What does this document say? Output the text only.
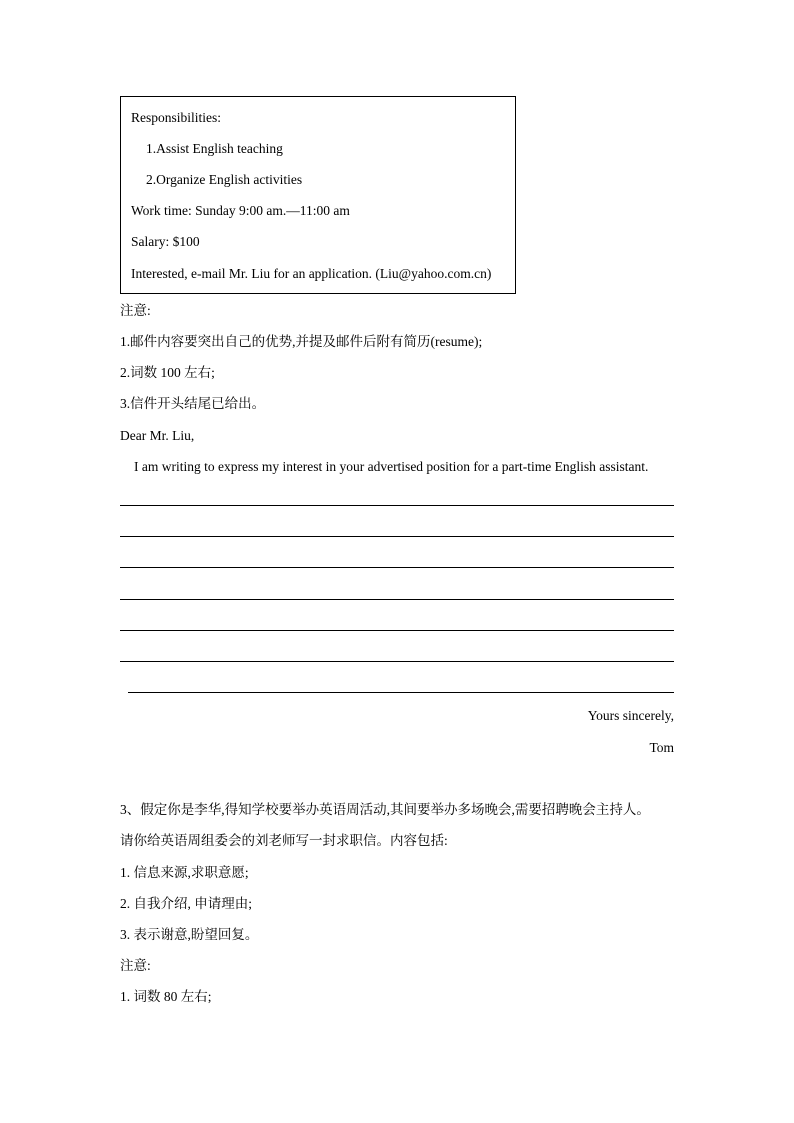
Responsibilities:
1.Assist English teaching
2.Organize English activities
Work time: Sunday 9:00 am.—11:00 am
Salary: $100
Interested, e-mail Mr. Liu for an application. (Liu@yahoo.com.cn)
注意:
1.邮件内容要突出自己的优势,并提及邮件后附有简历(resume);
2.词数 100 左右;
3.信件开头结尾已给出。
Dear Mr. Liu,
I am writing to express my interest in your advertised position for a part-time English assistant.
Yours sincerely,
Tom
3、假定你是李华,得知学校要举办英语周活动,其间要举办多场晚会,需要招聘晚会主持人。
请你给英语周组委会的刘老师写一封求职信。内容包括:
1. 信息来源,求职意愿;
2. 自我介绍, 申请理由;
3. 表示谢意,盼望回复。
注意:
1. 词数 80 左右;
